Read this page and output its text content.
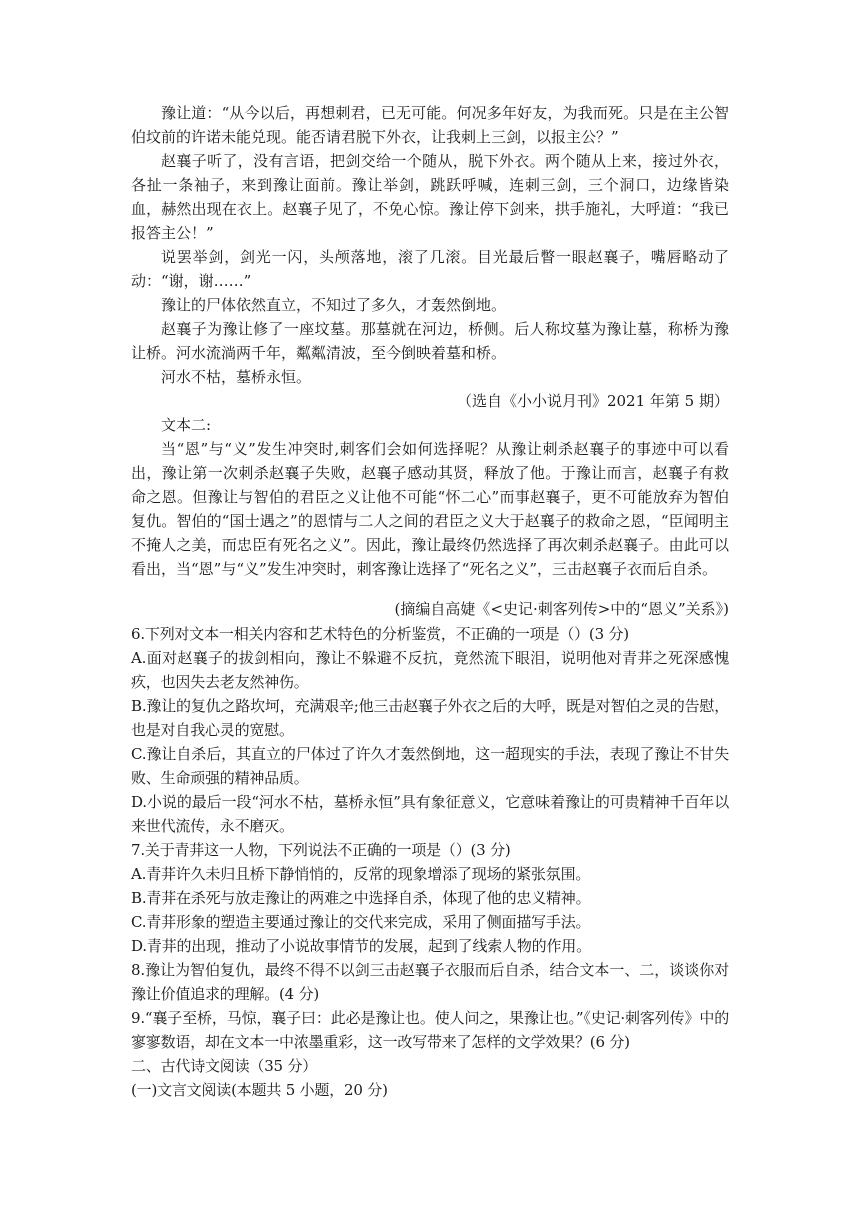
豫让道：“从今以后，再想刺君，已无可能。何况多年好友，为我而死。只是在主公智伯坟前的许诺未能兑现。能否请君脱下外衣，让我刺上三剑，以报主公？”

赵襄子听了，没有言语，把剑交给一个随从，脱下外衣。两个随从上来，接过外衣，各扯一条袖子，来到豫让面前。豫让举剑，跳跃呼喊，连刺三剑，三个洞口，边缘皆染血，赫然出现在衣上。赵襄子见了，不免心惊。豫让停下剑来，拱手施礼，大呼道：“我已报答主公！”

说罢举剑，剑光一闪，头颅落地，滚了几滚。目光最后瞥一眼赵襄子，嘴唇略动了动：“谢，谢……”

豫让的尸体依然直立，不知过了多久，才轰然倒地。

赵襄子为豫让修了一座坟墓。那墓就在河边，桥侧。后人称坟墓为豫让墓，称桥为豫让桥。河水流淌两千年，粼粼清波，至今倒映着墓和桥。

河水不枯，墓桥永恒。

（选自《小小说月刊》2021 年第 5 期）

文本二:

当“恩”与“义”发生冲突时,刺客们会如何选择呢？从豫让刺杀赵襄子的事迹中可以看出，豫让第一次刺杀赵襄子失败，赵襄子感动其贤，释放了他。于豫让而言，赵襄子有救命之恩。但豫让与智伯的君臣之义让他不可能“怀二心”而事赵襄子，更不可能放弃为智伯复仇。智伯的“国士遇之”的恩情与二人之间的君臣之义大于赵襄子的救命之恩，“臣闻明主不掩人之美，而忠臣有死名之义”。因此，豫让最终仍然选择了再次刺杀赵襄子。由此可以看出，当“恩”与“义”发生冲突时，刺客豫让选择了“死名之义”，三击赵襄子衣而后自杀。

(摘编自高婕《<史记·刺客列传>中的“恩义”关系》)

6.下列对文本一相关内容和艺术特色的分析鉴赏，不正确的一项是（）(3 分)

A.面对赵襄子的拔剑相向，豫让不躲避不反抗，竟然流下眼泪，说明他对青荓之死深感愧疚，也因失去老友然神伤。

B.豫让的复仇之路坎坷，充满艰辛;他三击赵襄子外衣之后的大呼，既是对智伯之灵的告慰，也是对自我心灵的宽慰。

C.豫让自杀后，其直立的尸体过了许久才轰然倒地，这一超现实的手法，表现了豫让不甘失败、生命顽强的精神品质。

D.小说的最后一段“河水不枯，墓桥永恒”具有象征意义，它意味着豫让的可贵精神千百年以来世代流传，永不磨灭。

7.关于青荓这一人物，下列说法不正确的一项是（）(3 分)

A.青荓许久未归且桥下静悄悄的，反常的现象增添了现场的紧张氛围。

B.青荓在杀死与放走豫让的两难之中选择自杀，体现了他的忠义精神。

C.青荓形象的塑造主要通过豫让的交代来完成，采用了侧面描写手法。

D.青荓的出现，推动了小说故事情节的发展，起到了线索人物的作用。

8.豫让为智伯复仇，最终不得不以剑三击赵襄子衣服而后自杀，结合文本一、二，谈谈你对豫让价值追求的理解。(4 分)

9.“襄子至桥，马惊，襄子曰：此必是豫让也。使人问之，果豫让也。”《史记·刺客列传》中的寥寥数语，却在文本一中浓墨重彩，这一改写带来了怎样的文学效果？(6 分)

二、古代诗文阅读（35 分）

(一)文言文阅读(本题共 5 小题，20 分)
